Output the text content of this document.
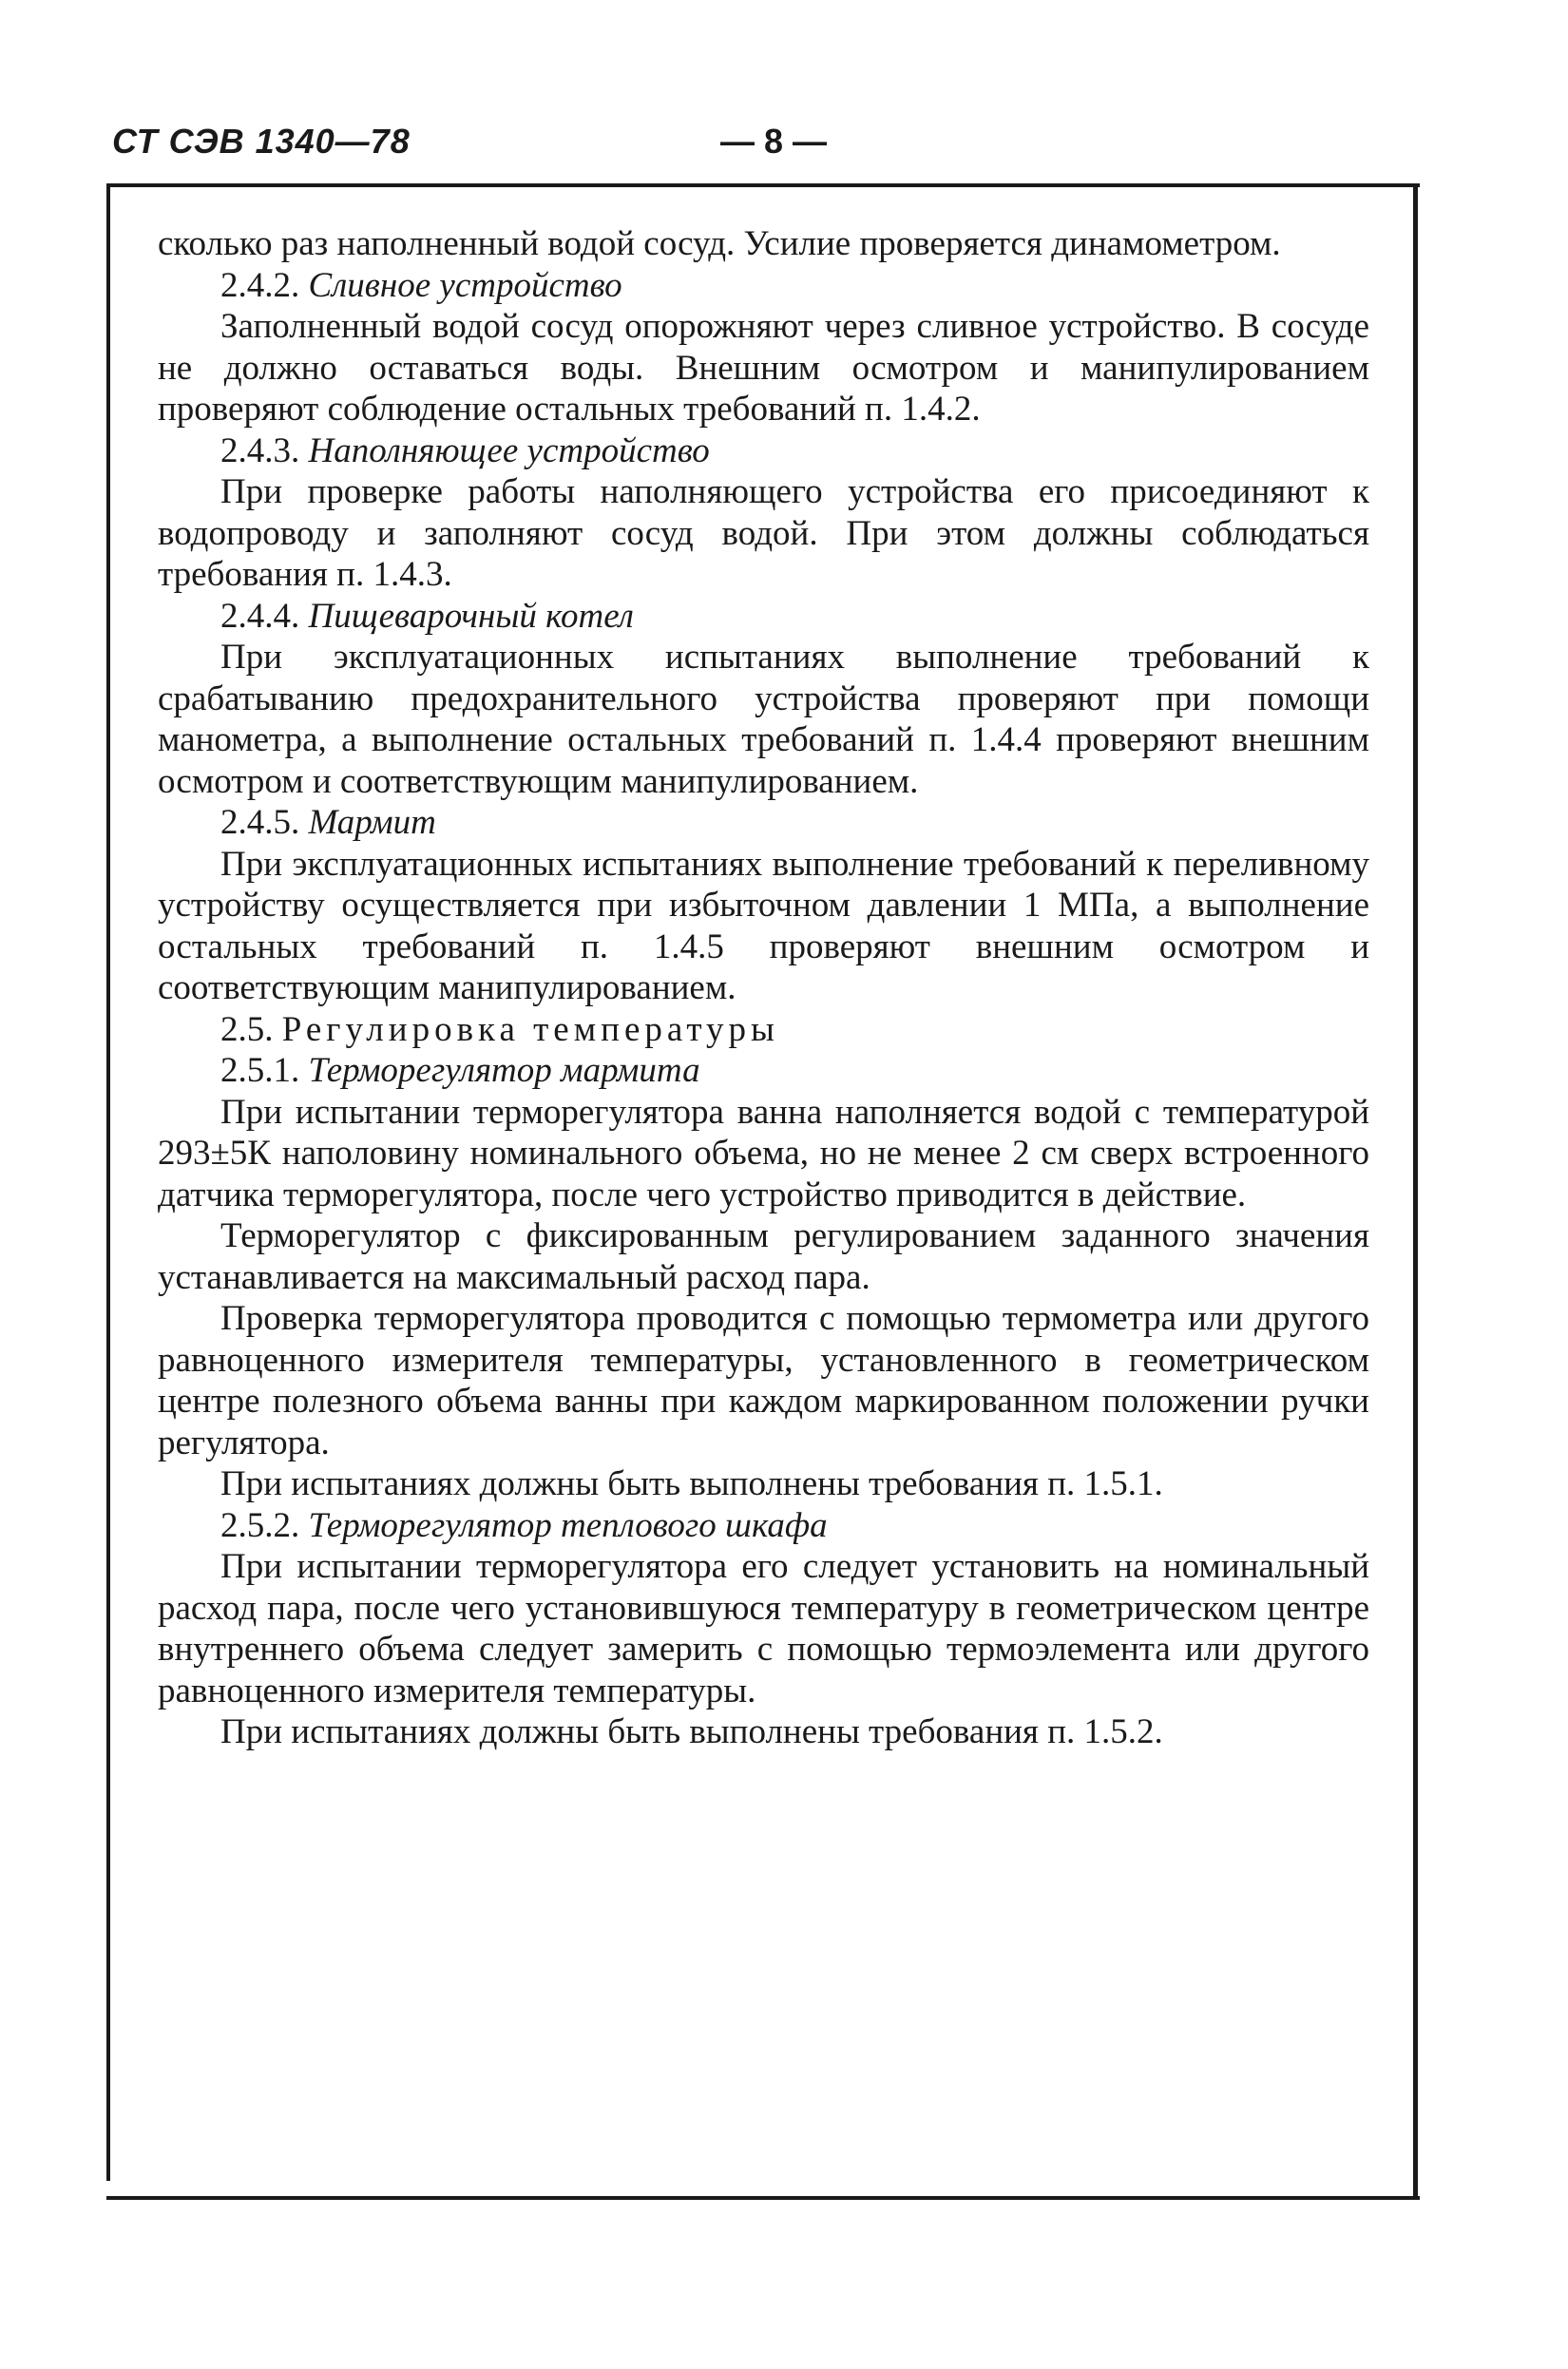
СТ СЭВ 1340—78	— 8 —

сколько раз наполненный водой сосуд. Усилие проверяется динамометром.

2.4.2. Сливное устройство

Заполненный водой сосуд опорожняют через сливное устройство. В сосуде не должно оставаться воды. Внешним осмотром и манипулированием проверяют соблюдение остальных требований п. 1.4.2.

2.4.3. Наполняющее устройство

При проверке работы наполняющего устройства его присоединяют к водопроводу и заполняют сосуд водой. При этом должны соблюдаться требования п. 1.4.3.

2.4.4. Пищеварочный котел

При эксплуатационных испытаниях выполнение требований к срабатыванию предохранительного устройства проверяют при помощи манометра, а выполнение остальных требований п. 1.4.4 проверяют внешним осмотром и соответствующим манипулированием.

2.4.5. Мармит

При эксплуатационных испытаниях выполнение требований к переливному устройству осуществляется при избыточном давлении 1 МПа, а выполнение остальных требований п. 1.4.5 проверяют внешним осмотром и соответствующим манипулированием.

2.5. Регулировка температуры

2.5.1. Терморегулятор мармита

При испытании терморегулятора ванна наполняется водой с температурой 293±5К наполовину номинального объема, но не менее 2 см сверх встроенного датчика терморегулятора, после чего устройство приводится в действие.

Терморегулятор с фиксированным регулированием заданного значения устанавливается на максимальный расход пара.

Проверка терморегулятора проводится с помощью термометра или другого равноценного измерителя температуры, установленного в геометрическом центре полезного объема ванны при каждом маркированном положении ручки регулятора.

При испытаниях должны быть выполнены требования п. 1.5.1.

2.5.2. Терморегулятор теплового шкафа

При испытании терморегулятора его следует установить на номинальный расход пара, после чего установившуюся температуру в геометрическом центре внутреннего объема следует замерить с помощью термоэлемента или другого равноценного измерителя температуры.

При испытаниях должны быть выполнены требования п. 1.5.2.
